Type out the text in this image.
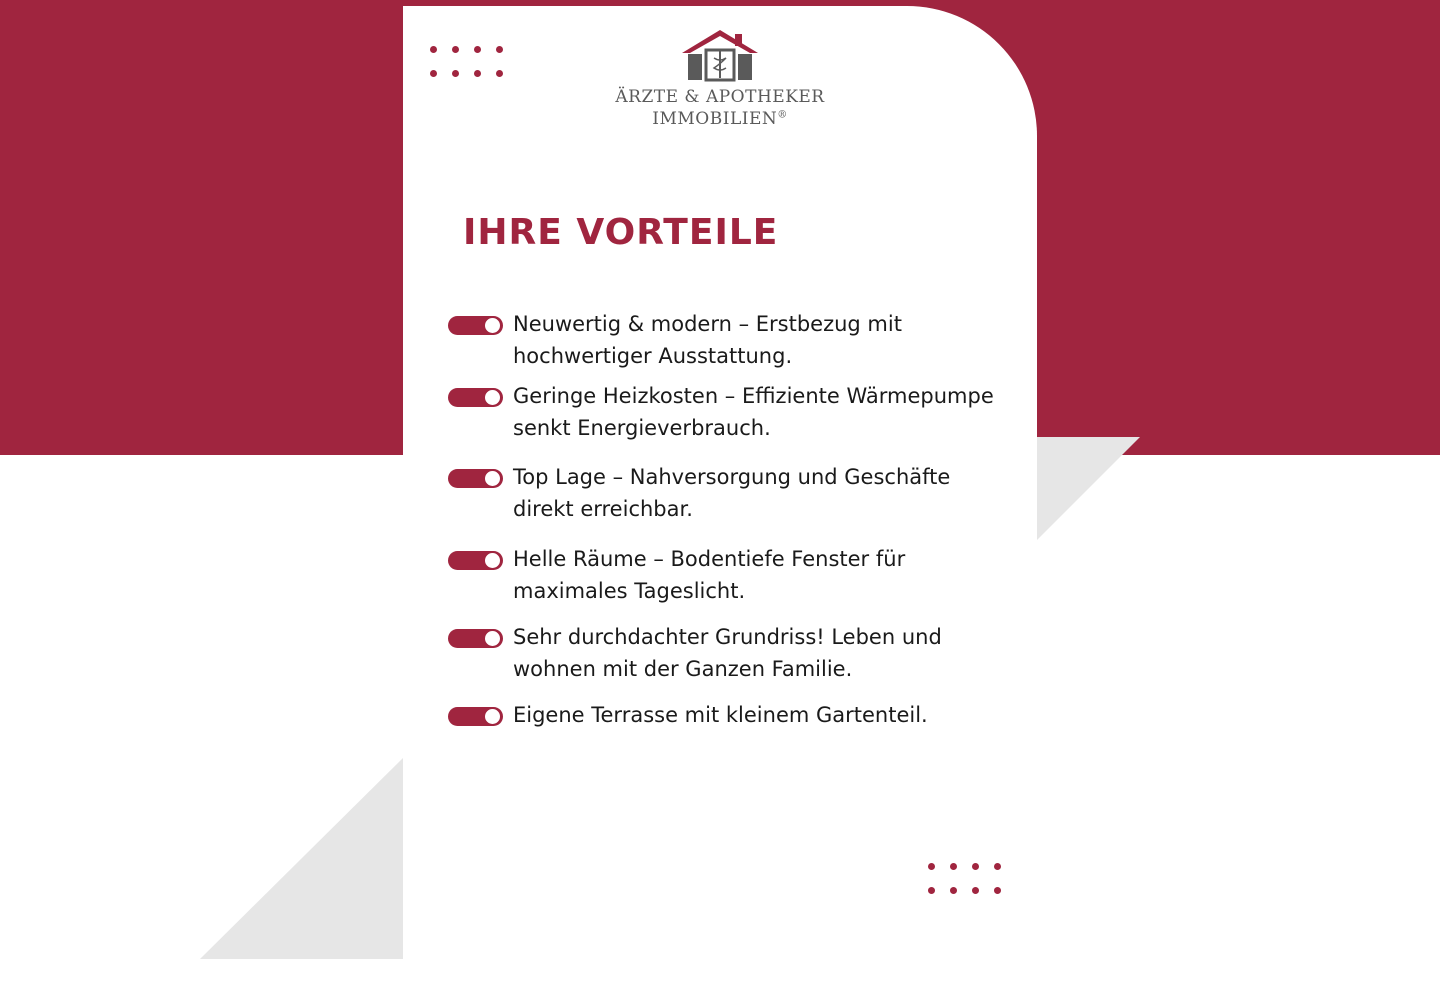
ÄRZTE & APOTHEKER
IMMOBILIEN®
IHRE VORTEILE
Neuwertig & modern – Erstbezug mit hochwertiger Ausstattung.
Geringe Heizkosten – Effiziente Wärmepumpe senkt Energieverbrauch.
Top Lage – Nahversorgung und Geschäfte direkt erreichbar.
Helle Räume – Bodentiefe Fenster für maximales Tageslicht.
Sehr durchdachter Grundriss! Leben und wohnen mit der Ganzen Familie.
Eigene Terrasse mit kleinem Gartenteil.
